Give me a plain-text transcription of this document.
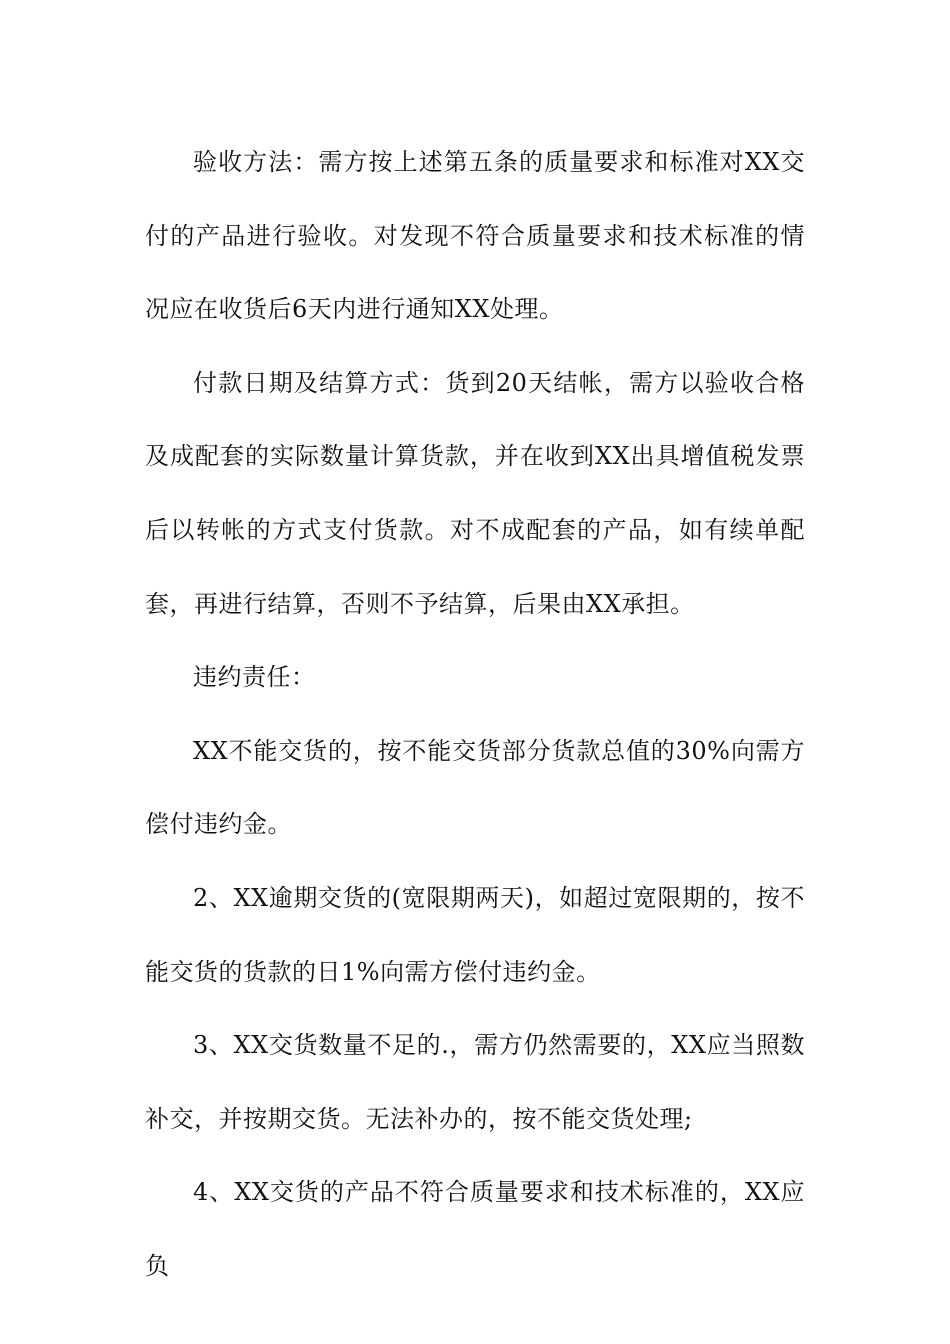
验收方法：需方按上述第五条的质量要求和标准对XX交付的产品进行验收。对发现不符合质量要求和技术标准的情况应在收货后6天内进行通知XX处理。

付款日期及结算方式：货到20天结帐，需方以验收合格及成配套的实际数量计算货款，并在收到XX出具增值税发票后以转帐的方式支付货款。对不成配套的产品，如有续单配套，再进行结算，否则不予结算，后果由XX承担。

违约责任：

XX不能交货的，按不能交货部分货款总值的30%向需方偿付违约金。

2、XX逾期交货的(宽限期两天)，如超过宽限期的，按不能交货的货款的日1%向需方偿付违约金。

3、XX交货数量不足的.，需方仍然需要的，XX应当照数补交，并按期交货。无法补办的，按不能交货处理;

4、XX交货的产品不符合质量要求和技术标准的，XX应负
